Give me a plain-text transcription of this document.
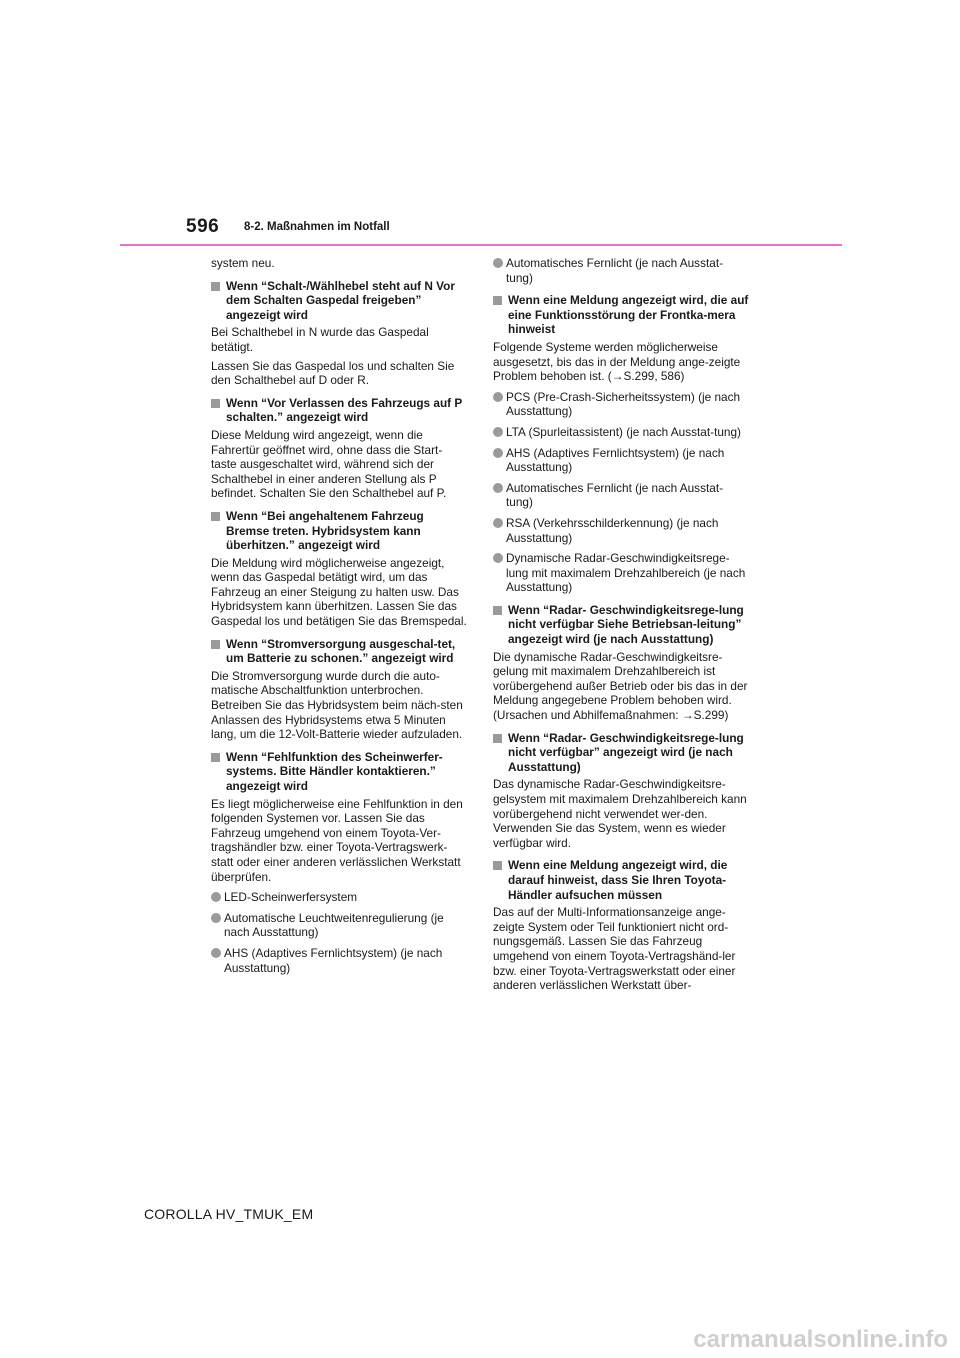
596 8-2. Maßnahmen im Notfall
system neu.
Wenn “Schalt-/Wählhebel steht auf N Vor dem Schalten Gaspedal freigeben” angezeigt wird
Bei Schalthebel in N wurde das Gaspedal betätigt.
Lassen Sie das Gaspedal los und schalten Sie den Schalthebel auf D oder R.
Wenn “Vor Verlassen des Fahrzeugs auf P schalten.” angezeigt wird
Diese Meldung wird angezeigt, wenn die Fahrertür geöffnet wird, ohne dass die Start-taste ausgeschaltet wird, während sich der Schalthebel in einer anderen Stellung als P befindet. Schalten Sie den Schalthebel auf P.
Wenn “Bei angehaltenem Fahrzeug Bremse treten. Hybridsystem kann überhitzen.” angezeigt wird
Die Meldung wird möglicherweise angezeigt, wenn das Gaspedal betätigt wird, um das Fahrzeug an einer Steigung zu halten usw. Das Hybridsystem kann überhitzen. Lassen Sie das Gaspedal los und betätigen Sie das Bremspedal.
Wenn “Stromversorgung ausgeschal-tet, um Batterie zu schonen.” angezeigt wird
Die Stromversorgung wurde durch die auto-matische Abschaltfunktion unterbrochen. Betreiben Sie das Hybridsystem beim näch-sten Anlassen des Hybridsystems etwa 5 Minuten lang, um die 12-Volt-Batterie wieder aufzuladen.
Wenn “Fehlfunktion des Scheinwerfer-systems. Bitte Händler kontaktieren.” angezeigt wird
Es liegt möglicherweise eine Fehlfunktion in den folgenden Systemen vor. Lassen Sie das Fahrzeug umgehend von einem Toyota-Ver-tragshändler bzw. einer Toyota-Vertragswerk-statt oder einer anderen verlässlichen Werkstatt überprüfen.
LED-Scheinwerfersystem
Automatische Leuchtweitenregulierung (je nach Ausstattung)
AHS (Adaptives Fernlichtsystem) (je nach Ausstattung)
Automatisches Fernlicht (je nach Ausstat-tung)
Wenn eine Meldung angezeigt wird, die auf eine Funktionsstörung der Frontka-mera hinweist
Folgende Systeme werden möglicherweise ausgesetzt, bis das in der Meldung ange-zeigte Problem behoben ist. (→S.299, 586)
PCS (Pre-Crash-Sicherheitssystem) (je nach Ausstattung)
LTA (Spurleitassistent) (je nach Ausstat-tung)
AHS (Adaptives Fernlichtsystem) (je nach Ausstattung)
Automatisches Fernlicht (je nach Ausstat-tung)
RSA (Verkehrsschilderkennung) (je nach Ausstattung)
Dynamische Radar-Geschwindigkeitsrege-lung mit maximalem Drehzahlbereich (je nach Ausstattung)
Wenn “Radar- Geschwindigkeitsrege-lung nicht verfügbar Siehe Betriebsan-leitung” angezeigt wird (je nach Ausstattung)
Die dynamische Radar-Geschwindigkeitsre-gelung mit maximalem Drehzahlbereich ist vorübergehend außer Betrieb oder bis das in der Meldung angegebene Problem behoben wird. (Ursachen und Abhilfemaßnahmen: →S.299)
Wenn “Radar- Geschwindigkeitsrege-lung nicht verfügbar” angezeigt wird (je nach Ausstattung)
Das dynamische Radar-Geschwindigkeitsre-gelsystem mit maximalem Drehzahlbereich kann vorübergehend nicht verwendet wer-den. Verwenden Sie das System, wenn es wieder verfügbar wird.
Wenn eine Meldung angezeigt wird, die darauf hinweist, dass Sie Ihren Toyota-Händler aufsuchen müssen
Das auf der Multi-Informationsanzeige ange-zeigte System oder Teil funktioniert nicht ord-nungsgemäß. Lassen Sie das Fahrzeug umgehend von einem Toyota-Vertragshänd-ler bzw. einer Toyota-Vertragswerkstatt oder einer anderen verlässlichen Werkstatt über-
COROLLA HV_TMUK_EM
carmanualsonline.info
